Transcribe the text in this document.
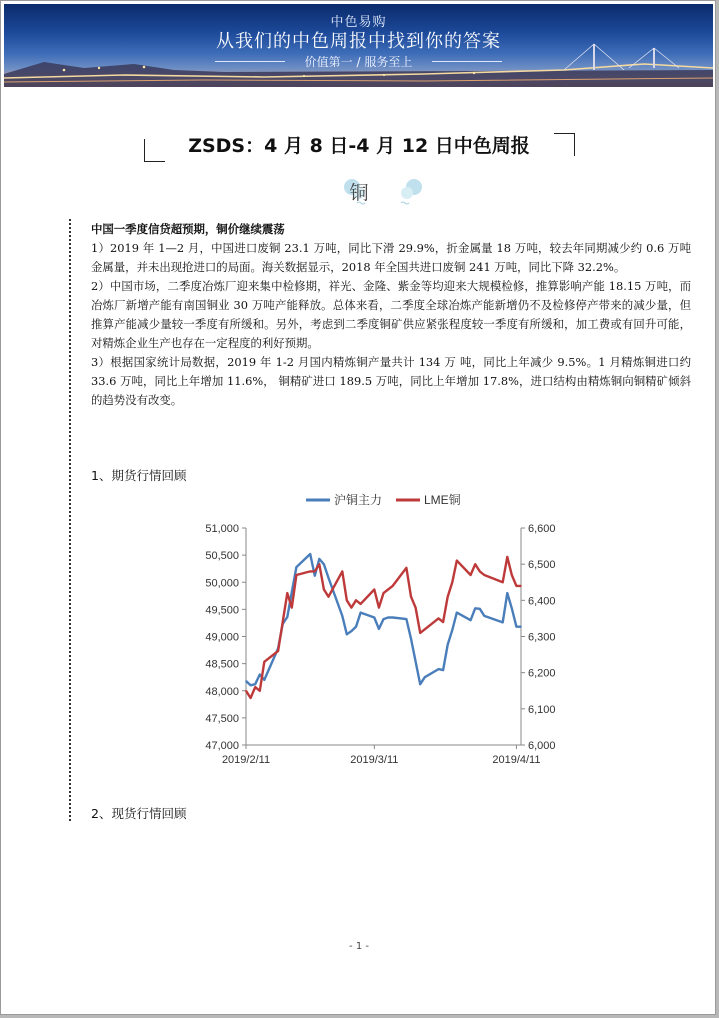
中色易购
从我们的中色周报中找到你的答案
价值第一 / 服务至上
ZSDS：4 月 8 日-4 月 12 日中色周报
铜

中国一季度信贷超预期，铜价继续震荡

1）2019 年 1—2 月，中国进口废铜 23.1 万吨，同比下滑 29.9%，折金属量 18 万吨，较去年同期减少约 0.6 万吨金属量，并未出现抢进口的局面。海关数据显示，2018 年全国共进口废铜 241 万吨，同比下降 32.2%。

2）中国市场，二季度冶炼厂迎来集中检修期，祥光、金隆、紫金等均迎来大规模检修，推算影响产能 18.15 万吨，而冶炼厂新增产能有南国铜业 30 万吨产能释放。总体来看，二季度全球冶炼产能新增仍不及检修停产带来的减少量，但推算产能减少量较一季度有所缓和。另外，考虑到二季度铜矿供应紧张程度较一季度有所缓和，加工费或有回升可能，对精炼企业生产也存在一定程度的利好预期。

3）根据国家统计局数据，2019 年 1-2 月国内精炼铜产量共计 134 万 吨，同比上年减少 9.5%。1 月精炼铜进口约 33.6 万吨，同比上年增加 11.6%， 铜精矿进口 189.5 万吨，同比上年增加 17.8%，进口结构由精炼铜向铜精矿倾斜的趋势没有改变。

1、期货行情回顾
沪铜主力	LME铜
47,000
47,500
48,000
48,500
49,000
49,500
50,000
50,500
51,000
6,000
6,100
6,200
6,300
6,400
6,500
6,600
2019/2/11	2019/3/11	2019/4/11
2、现货行情回顾
- 1 -
